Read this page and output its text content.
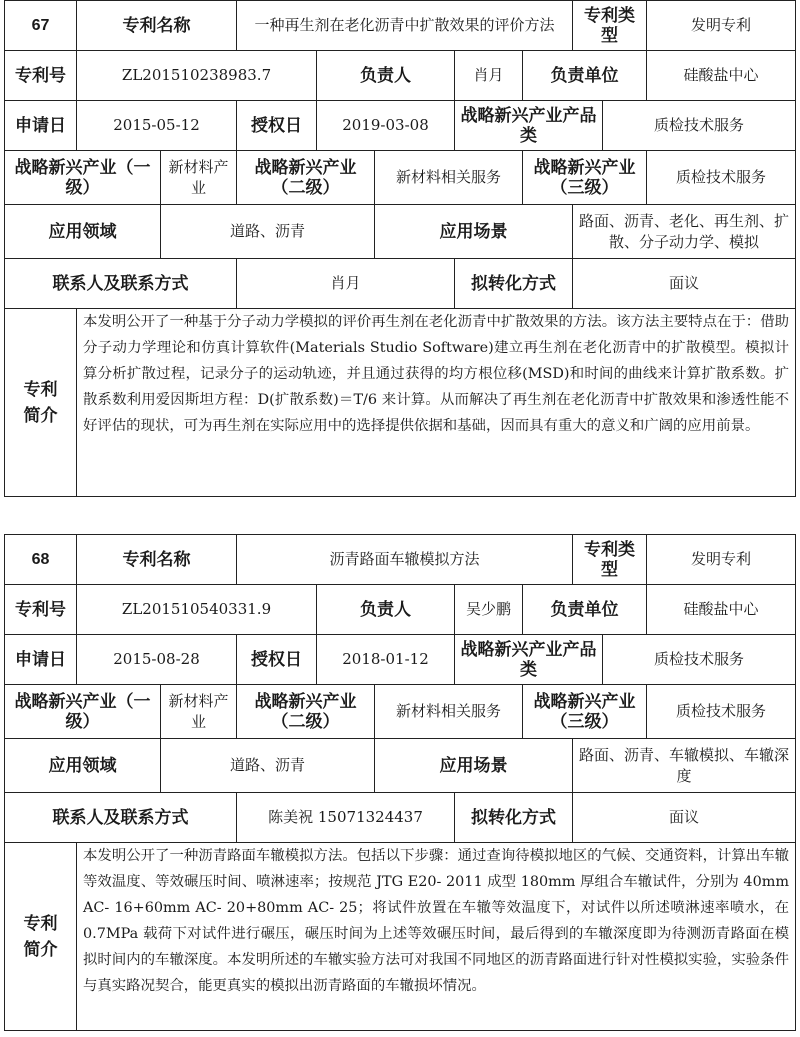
67	专利名称		一种再生剂在老化沥青中扩散效果的评价方法					专利类型		发明专利
专利号	ZL201510238983.7			负责人		肖月	负责单位			硅酸盐中心
申请日	2015-05-12		授权日	2019-03-08		战略新兴产业产品类			质检技术服务	
战略新兴产业（一级）		新材料产业	战略新兴产业（二级）		新材料相关服务		战略新兴产业（三级）			质检技术服务
应用领域		道路、沥青			应用场景			路面、沥青、老化、再生剂、扩散、分子动力学、模拟		
联系人及联系方式			肖月			拟转化方式		面议		
专利简介	本发明公开了一种基于分子动力学模拟的评价再生剂在老化沥青中扩散效果的方法。该方法主要特点在于：借助分子动力学理论和仿真计算软件(Materials Studio Software)建立再生剂在老化沥青中的扩散模型。模拟计算分析扩散过程，记录分子的运动轨迹，并且通过获得的均方根位移(MSD)和时间的曲线来计算扩散系数。扩散系数利用爱因斯坦方程：D(扩散系数)＝T/6 来计算。从而解决了再生剂在老化沥青中扩散效果和渗透性能不好评估的现状，可为再生剂在实际应用中的选择提供依据和基础，因而具有重大的意义和广阔的应用前景。									
68	专利名称		沥青路面车辙模拟方法					专利类型		发明专利
专利号	ZL201510540331.9			负责人		吴少鹏	负责单位			硅酸盐中心
申请日	2015-08-28		授权日	2018-01-12		战略新兴产业产品类			质检技术服务	
战略新兴产业（一级）		新材料产业	战略新兴产业（二级）		新材料相关服务		战略新兴产业（三级）			质检技术服务
应用领域		道路、沥青			应用场景			路面、沥青、车辙模拟、车辙深度		
联系人及联系方式			陈美祝 15071324437			拟转化方式		面议		
专利简介	本发明公开了一种沥青路面车辙模拟方法。包括以下步骤：通过查询待模拟地区的气候、交通资料，计算出车辙等效温度、等效碾压时间、喷淋速率；按规范 JTG E20- 2011 成型 180mm 厚组合车辙试件，分别为 40mm AC- 16+60mm AC- 20+80mm AC- 25；将试件放置在车辙等效温度下，对试件以所述喷淋速率喷水，在 0.7MPa 载荷下对试件进行碾压，碾压时间为上述等效碾压时间，最后得到的车辙深度即为待测沥青路面在模拟时间内的车辙深度。本发明所述的车辙实验方法可对我国不同地区的沥青路面进行针对性模拟实验，实验条件与真实路况契合，能更真实的模拟出沥青路面的车辙损坏情况。									
